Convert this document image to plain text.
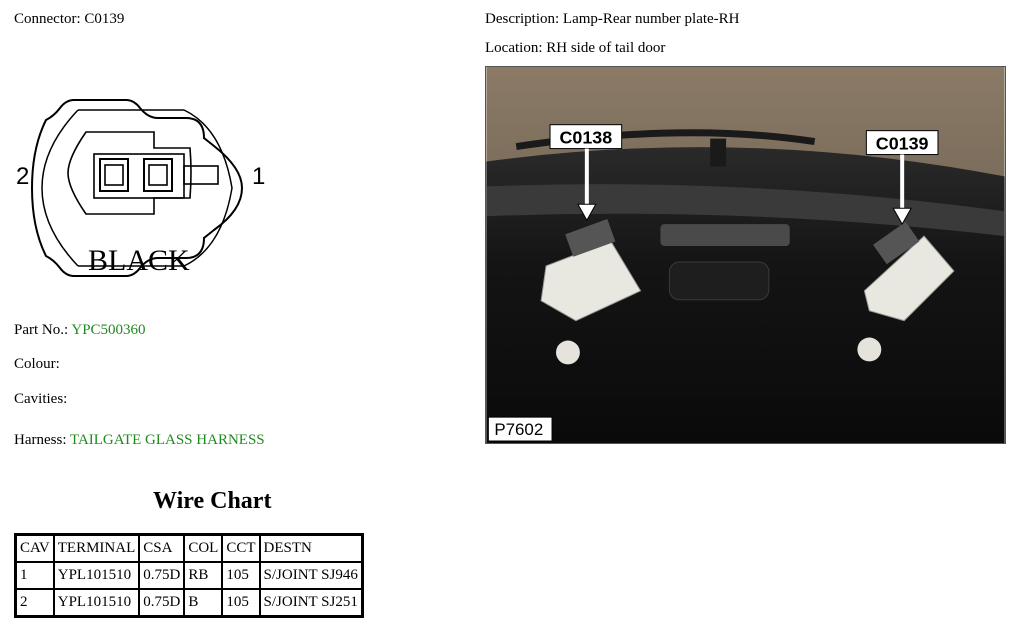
Connector: C0139
2	1
BLACK
Part No.: YPC500360
Colour:
Cavities:
Harness: TAILGATE GLASS HARNESS
Description: Lamp-Rear number plate-RH
Location: RH side of tail door
C0138	C0139
P7602
Wire Chart
CAV	TERMINAL	CSA	COL	CCT	DESTN
1	YPL101510	0.75D	RB	105	S/JOINT SJ946
2	YPL101510	0.75D	B	105	S/JOINT SJ251
